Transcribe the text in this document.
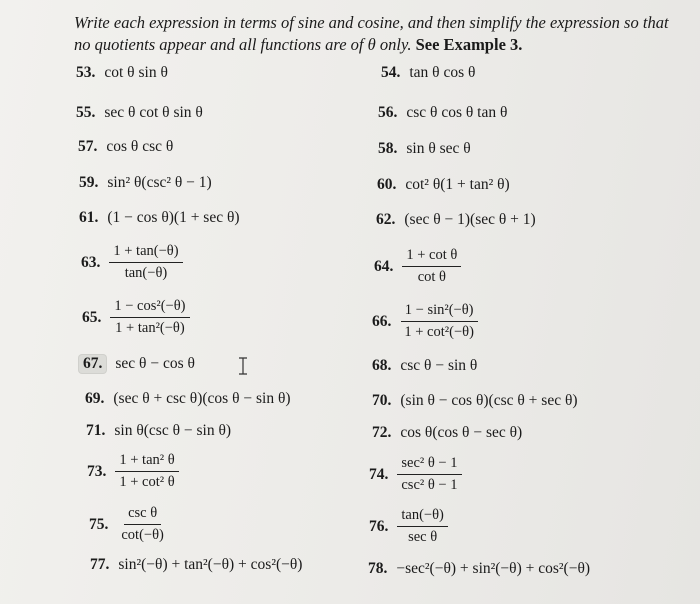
Write each expression in terms of sine and cosine, and then simplify the expression so that no quotients appear and all functions are of θ only. See Example 3.
53. cot θ sin θ	54. tan θ cos θ
55. sec θ cot θ sin θ	56. csc θ cos θ tan θ
57. cos θ csc θ	58. sin θ sec θ
59. sin² θ(csc² θ − 1)	60. cot² θ(1 + tan² θ)
61. (1 − cos θ)(1 + sec θ)	62. (sec θ − 1)(sec θ + 1)
63. $\frac{1 + \tan(-\theta)}{\tan(-\theta)}$	64. $\frac{\text{1 + cot θ}}{\text{cot θ}}$
65. $\frac{\text{1 − cos²(−θ)}}{\text{1 + tan²(−θ)}}$	66. $\frac{\text{1 − sin²(−θ)}}{\text{1 + cot²(−θ)}}$
67. sec θ − cos θ	68. csc θ − sin θ
69. (sec θ + csc θ)(cos θ − sin θ)	70. (sin θ − cos θ)(csc θ + sec θ)
71. sin θ(csc θ − sin θ)	72. cos θ(cos θ − sec θ)
73. $\frac{\text{1 + tan² θ}}{\text{1 + cot² θ}}$	74. $\frac{\text{sec² θ − 1}}{\text{csc² θ − 1}}$
75. $\frac{\text{csc θ}}{\cot(-\theta)}$	76. $\frac{\tan(-\theta)}{\text{sec θ}}$
77. sin²(−θ) + tan²(−θ) + cos²(−θ)	78. −sec²(−θ) + sin²(−θ) + cos²(−θ)
